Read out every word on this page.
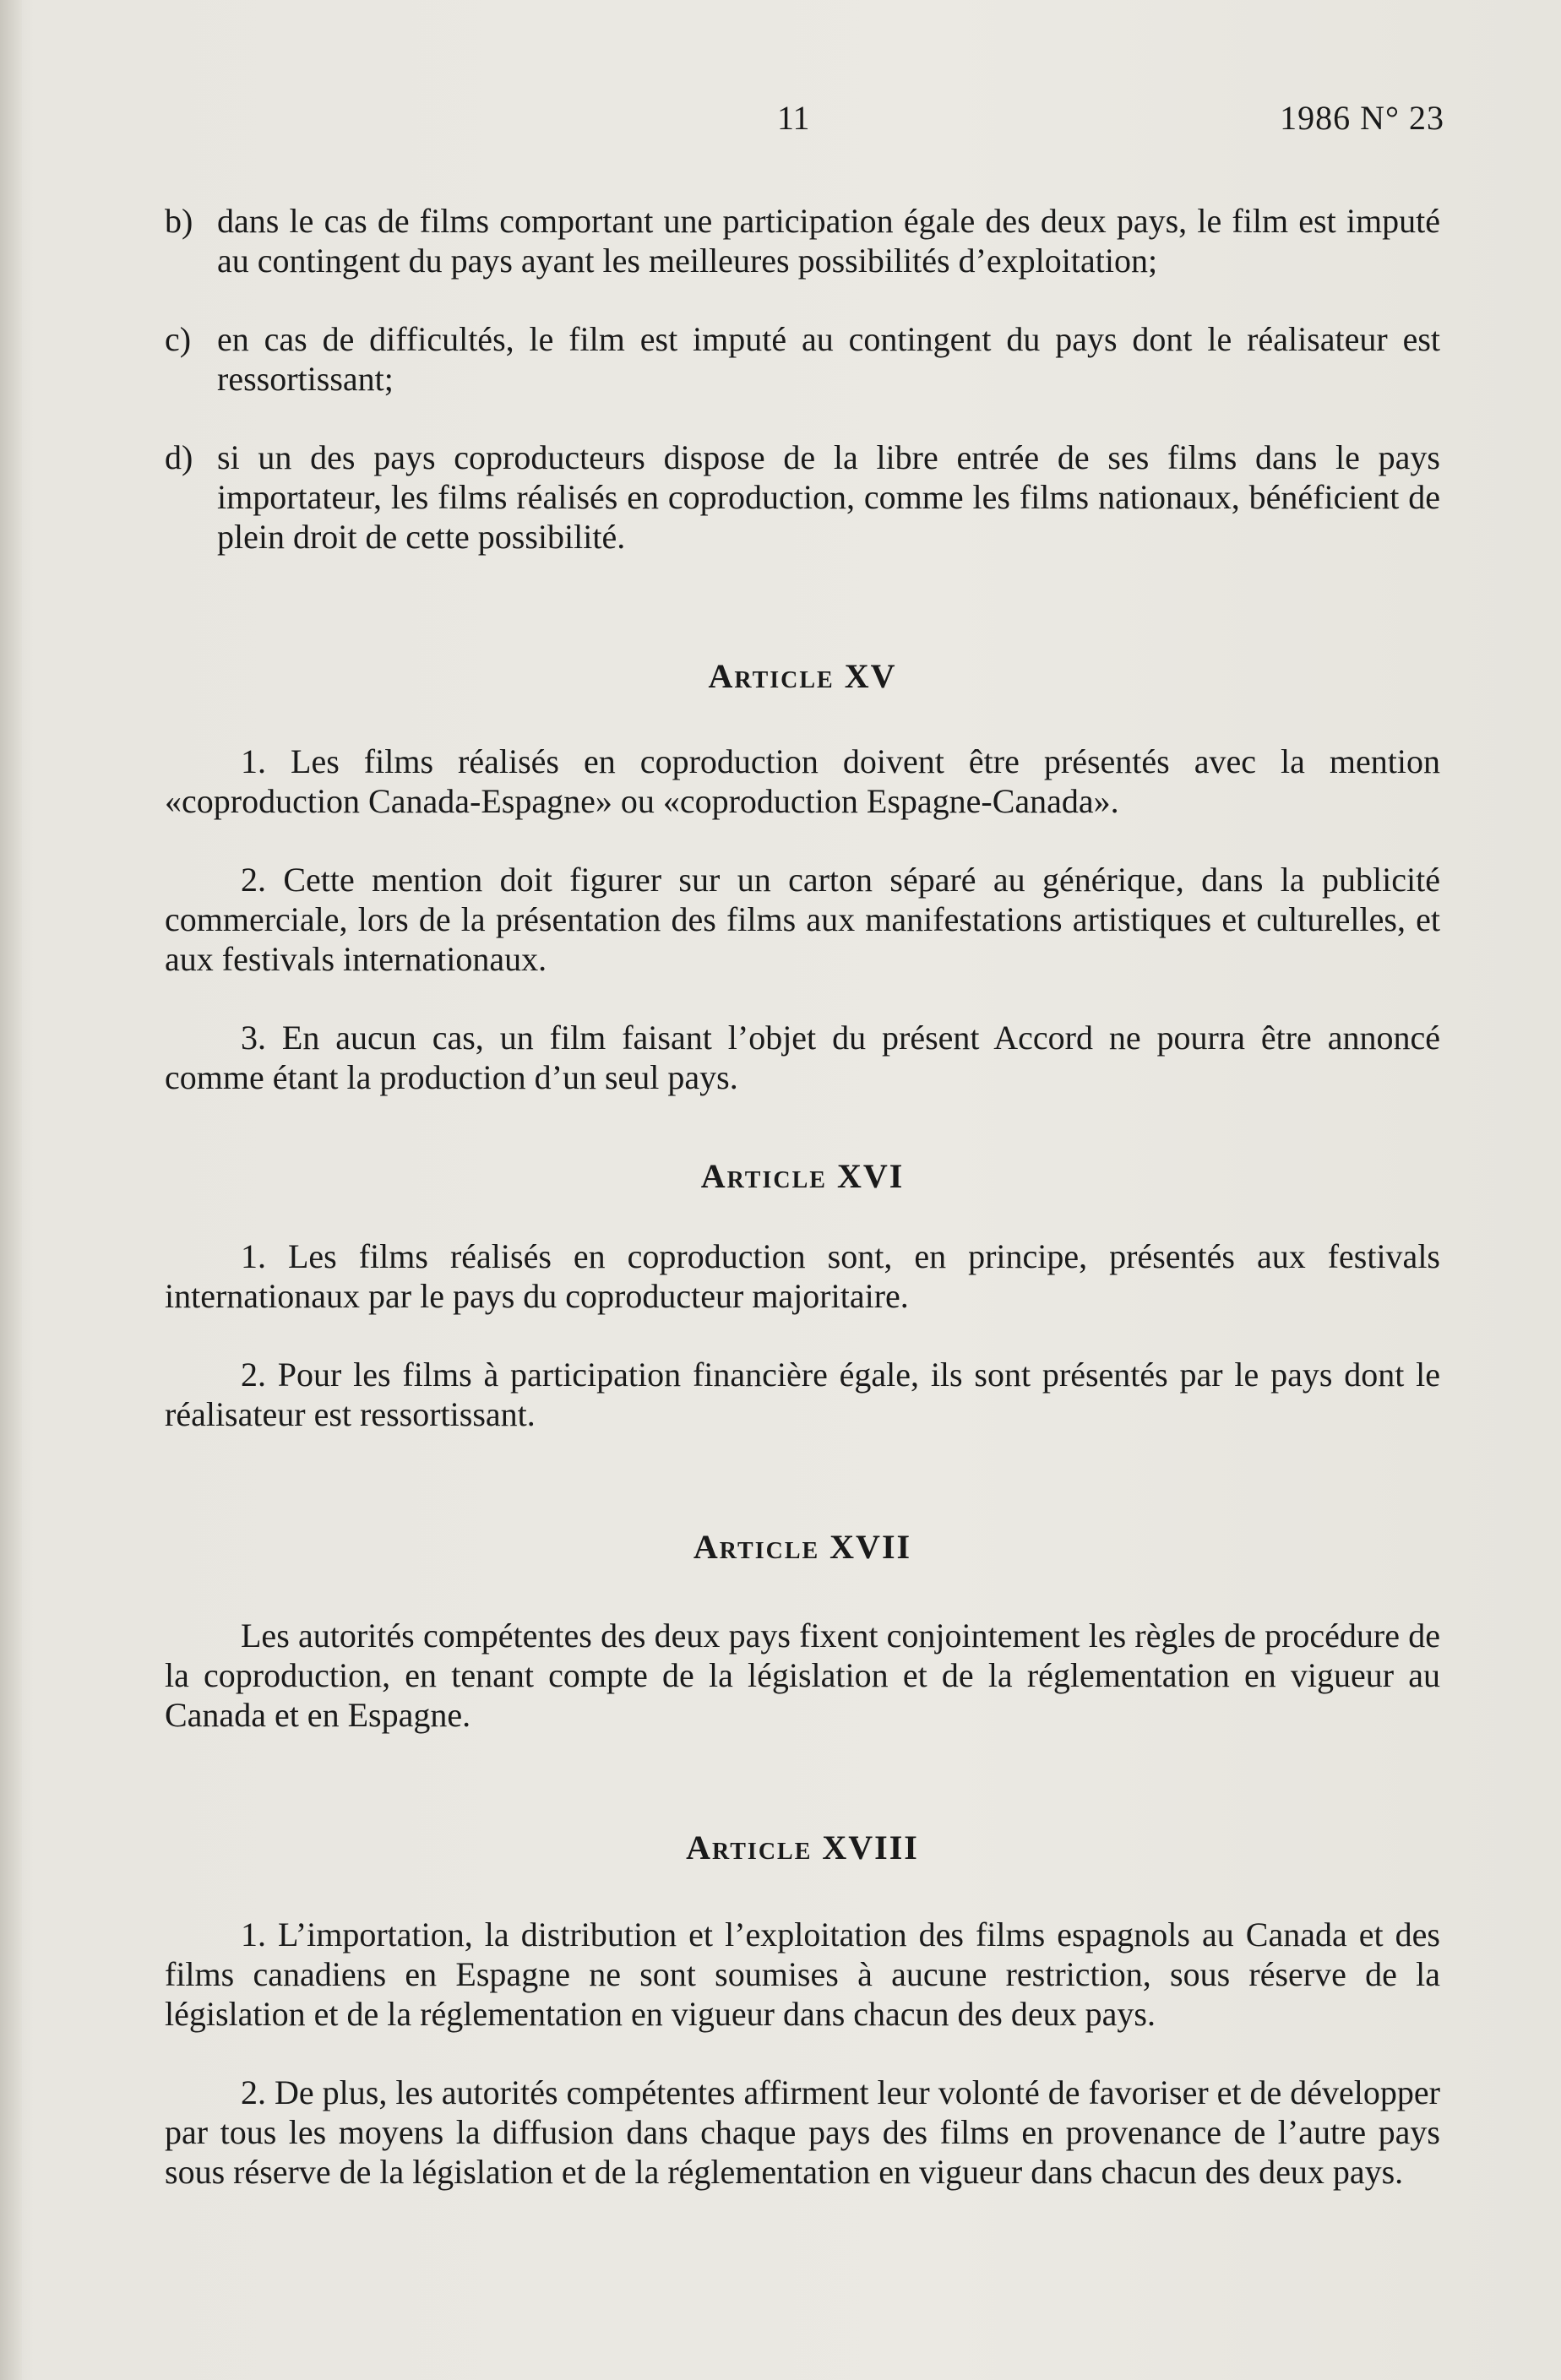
11	1986 N° 23
b) dans le cas de films comportant une participation égale des deux pays, le film est imputé au contingent du pays ayant les meilleures possibilités d’exploitation;
c) en cas de difficultés, le film est imputé au contingent du pays dont le réalisateur est ressortissant;
d) si un des pays coproducteurs dispose de la libre entrée de ses films dans le pays importateur, les films réalisés en coproduction, comme les films nationaux, bénéficient de plein droit de cette possibilité.
Article XV

1. Les films réalisés en coproduction doivent être présentés avec la mention «coproduction Canada-Espagne» ou «coproduction Espagne-Canada».

2. Cette mention doit figurer sur un carton séparé au générique, dans la publicité commerciale, lors de la présentation des films aux manifestations artistiques et culturelles, et aux festivals internationaux.

3. En aucun cas, un film faisant l’objet du présent Accord ne pourra être annoncé comme étant la production d’un seul pays.

Article XVI

1. Les films réalisés en coproduction sont, en principe, présentés aux festivals internationaux par le pays du coproducteur majoritaire.

2. Pour les films à participation financière égale, ils sont présentés par le pays dont le réalisateur est ressortissant.

Article XVII

Les autorités compétentes des deux pays fixent conjointement les règles de procédure de la coproduction, en tenant compte de la législation et de la réglementation en vigueur au Canada et en Espagne.

Article XVIII

1. L’importation, la distribution et l’exploitation des films espagnols au Canada et des films canadiens en Espagne ne sont soumises à aucune restriction, sous réserve de la législation et de la réglementation en vigueur dans chacun des deux pays.

2. De plus, les autorités compétentes affirment leur volonté de favoriser et de développer par tous les moyens la diffusion dans chaque pays des films en provenance de l’autre pays sous réserve de la législation et de la réglementation en vigueur dans chacun des deux pays.
